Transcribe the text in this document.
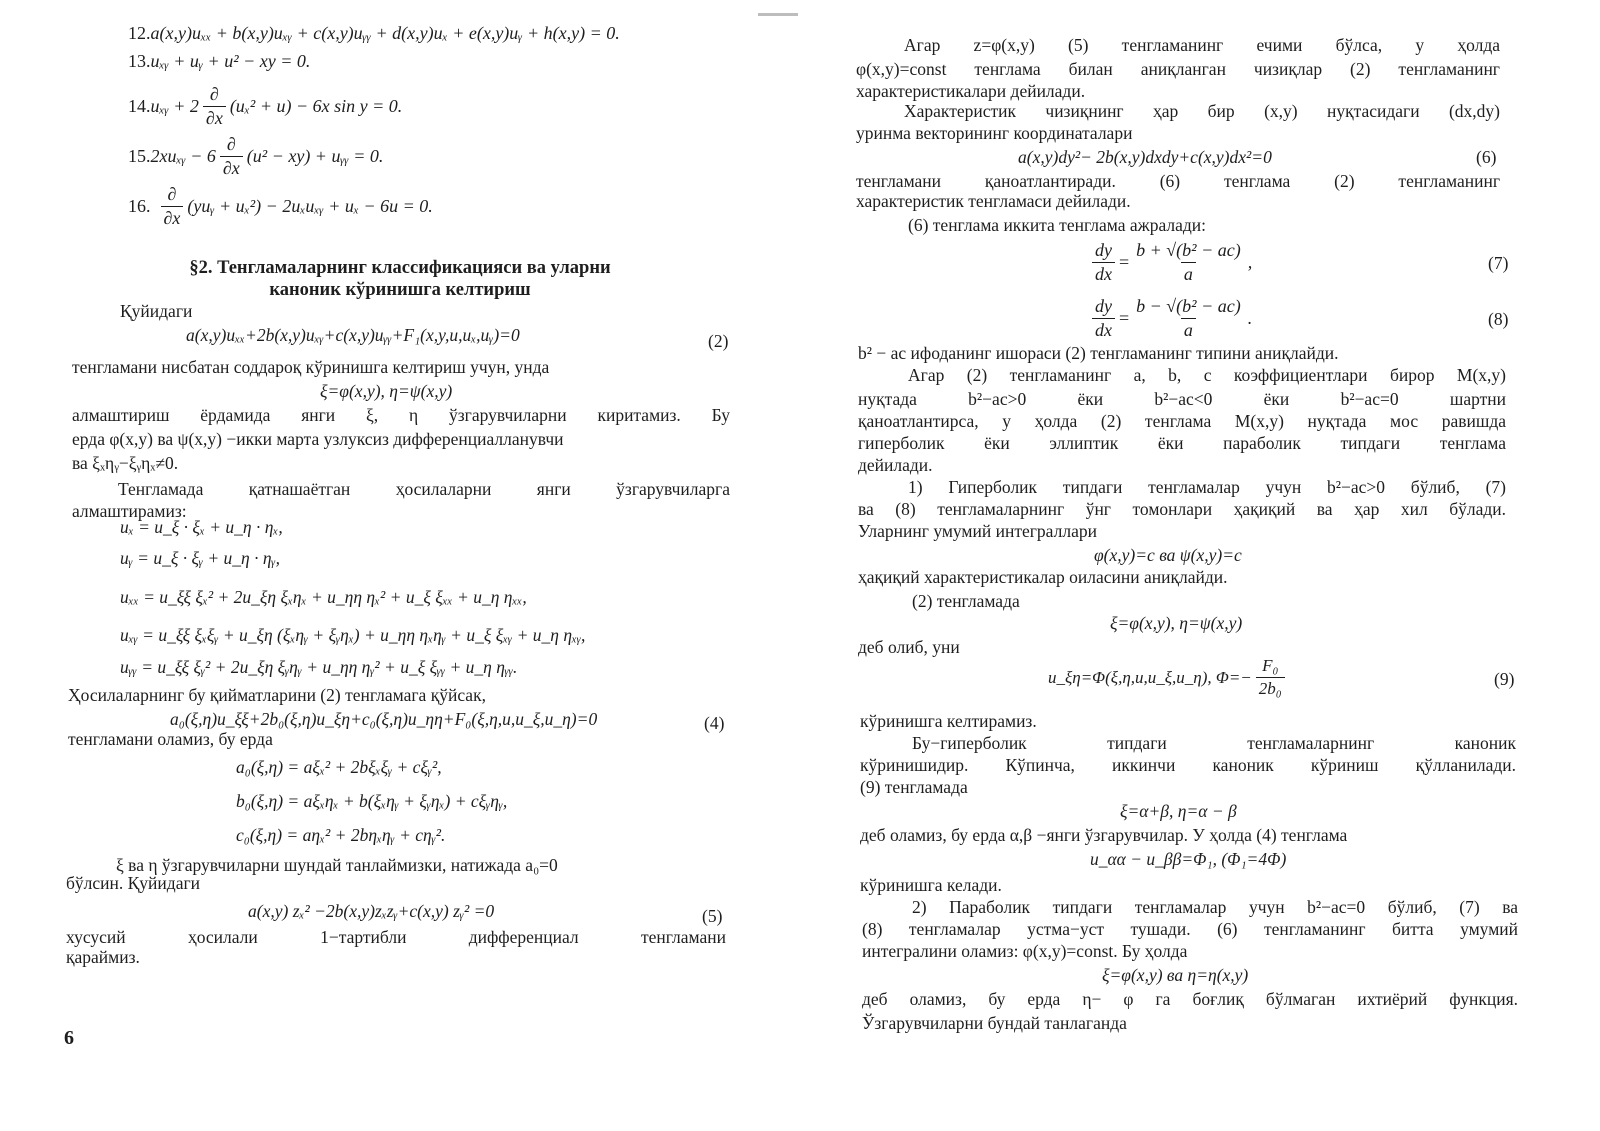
12.a(x,y)uₓₓ + b(x,y)uₓᵧ + c(x,y)uᵧᵧ + d(x,y)uₓ + e(x,y)uᵧ + h(x,y) = 0.
13.uₓᵧ + uᵧ + u² − xy = 0.
14. uₓᵧ + $2 \frac{\partial}{\partial x} (u_x^2 + u) - 6x$ sin y = 0.
15. 2xuₓᵧ − $6 \frac{\partial}{\partial x} (u^2 - xy)$ + uᵧᵧ = 0.
16. $\frac{\partial}{\partial x}$ (yuᵧ + uₓ²) − 2uₓuₓᵧ + uₓ − 6u = 0.
§2. Тенгламаларнинг классификацияси ва уларни
каноник кўринишга келтириш
Қуйидаги
a(x,y)uₓₓ+2b(x,y)uₓᵧ+c(x,y)uᵧᵧ+F₁(x,y,u,uₓ,uᵧ)=0	(2)
тенгламани нисбатан соддароқ кўринишга келтириш учун, унда
ξ=φ(x,y), η=ψ(x,y)
алмаштириш ёрдамида янги ξ, η ўзгарувчиларни киритамиз. Бу
ерда φ(x,y) ва ψ(x,y) −икки марта узлуксиз дифференциалланувчи
ва ξₓηᵧ−ξᵧηₓ≠0.
Тенгламада қатнашаётган ҳосилаларни янги ўзгарувчиларга
алмаштирамиз:
uₓ = u_ξ · ξₓ + u_η · ηₓ,
uᵧ = u_ξ · ξᵧ + u_η · ηᵧ,
uₓₓ = u_ξξ ξₓ² + 2u_ξη ξₓηₓ + u_ηη ηₓ² + u_ξ ξₓₓ + u_η ηₓₓ,
uₓᵧ = u_ξξ ξₓξᵧ + u_ξη (ξₓηᵧ + ξᵧηₓ) + u_ηη ηₓηᵧ + u_ξ ξₓᵧ + u_η ηₓᵧ,
uᵧᵧ = u_ξξ ξᵧ² + 2u_ξη ξᵧηᵧ + u_ηη ηᵧ² + u_ξ ξᵧᵧ + u_η ηᵧᵧ.
Ҳосилаларнинг бу қийматларини (2) тенгламага қўйсак,
a₀(ξ,η)u_ξξ+2b₀(ξ,η)u_ξη+c₀(ξ,η)u_ηη+F₀(ξ,η,u,u_ξ,u_η)=0	(4)
тенгламани оламиз, бу ерда
a₀(ξ,η) = aξₓ² + 2bξₓξᵧ + cξᵧ²,
b₀(ξ,η) = aξₓηₓ + b(ξₓηᵧ + ξᵧηₓ) + cξᵧηᵧ,
c₀(ξ,η) = aηₓ² + 2bηₓηᵧ + cηᵧ².
ξ ва η ўзгарувчиларни шундай танлаймизки, натижада a₀=0
бўлсин. Қуйидаги
a(x,y) zₓ² −2b(x,y)zₓzᵧ+c(x,y) zᵧ² =0	(5)
хусусий ҳосилали 1−тартибли дифференциал тенгламани
қараймиз.
6
Агар z=φ(x,y) (5) тенгламанинг ечими бўлса, у ҳолда
φ(x,y)=const тенглама билан аниқланган чизиқлар (2) тенгламанинг
характеристикалари дейилади.
Характеристик чизиқнинг ҳар бир (x,y) нуқтасидаги (dx,dy)
уринма векторининг координаталари
a(x,y)dy²− 2b(x,y)dxdy+c(x,y)dx²=0	(6)
тенгламани қаноатлантиради. (6) тенглама (2) тенгламанинг
характеристик тенгламаси дейилади.
(6) тенглама иккита тенглама ажралади:
$\frac{dy}{dx} = \frac{\text{b + √(b² − ac)}}{a}$ ,	(7)
$\frac{dy}{dx} = \frac{\text{b − √(b² − ac)}}{a}$ .	(8)
b² − ac ифоданинг ишораси (2) тенгламанинг типини аниқлайди.
Агар (2) тенгламанинг a, b, c коэффициентлари бирор M(x,y)
нуқтада b²−ac>0 ёки b²−ac<0 ёки b²−ac=0 шартни
қаноатлантирса, у ҳолда (2) тенглама M(x,y) нуқтада мос равишда
гиперболик ёки эллиптик ёки параболик типдаги тенглама
дейилади.
1) Гиперболик типдаги тенгламалар учун b²−ac>0 бўлиб, (7)
ва (8) тенгламаларнинг ўнг томонлари ҳақиқий ва ҳар хил бўлади.
Уларнинг умумий интеграллари
φ(x,y)=c ва ψ(x,y)=c
ҳақиқий характеристикалар оиласини аниқлайди.
(2) тенгламада
ξ=φ(x,y), η=ψ(x,y)
деб олиб, уни
u_ξη=Φ(ξ,η,u,u_ξ,u_η), $\Phi=- \frac{\text{F₀}}{\text{2b₀}}$	(9)
кўринишга келтирамиз.
Бу−гиперболик типдаги тенгламаларнинг каноник
кўринишидир. Кўпинча, иккинчи каноник кўриниш қўлланилади.
(9) тенгламада
ξ=α+β, η=α − β
деб оламиз, бу ерда α,β −янги ўзгарувчилар. У ҳолда (4) тенглама
u_αα − u_ββ=Φ₁, (Φ₁=4Φ)
кўринишга келади.
2) Параболик типдаги тенгламалар учун b²−ac=0 бўлиб, (7) ва
(8) тенгламалар устма−уст тушади. (6) тенгламанинг битта умумий
интегралини оламиз: φ(x,y)=const. Бу ҳолда
ξ=φ(x,y) ва η=η(x,y)
деб оламиз, бу ерда η− φ га боғлиқ бўлмаган ихтиёрий функция.
Ўзгарувчиларни бундай танлаганда
